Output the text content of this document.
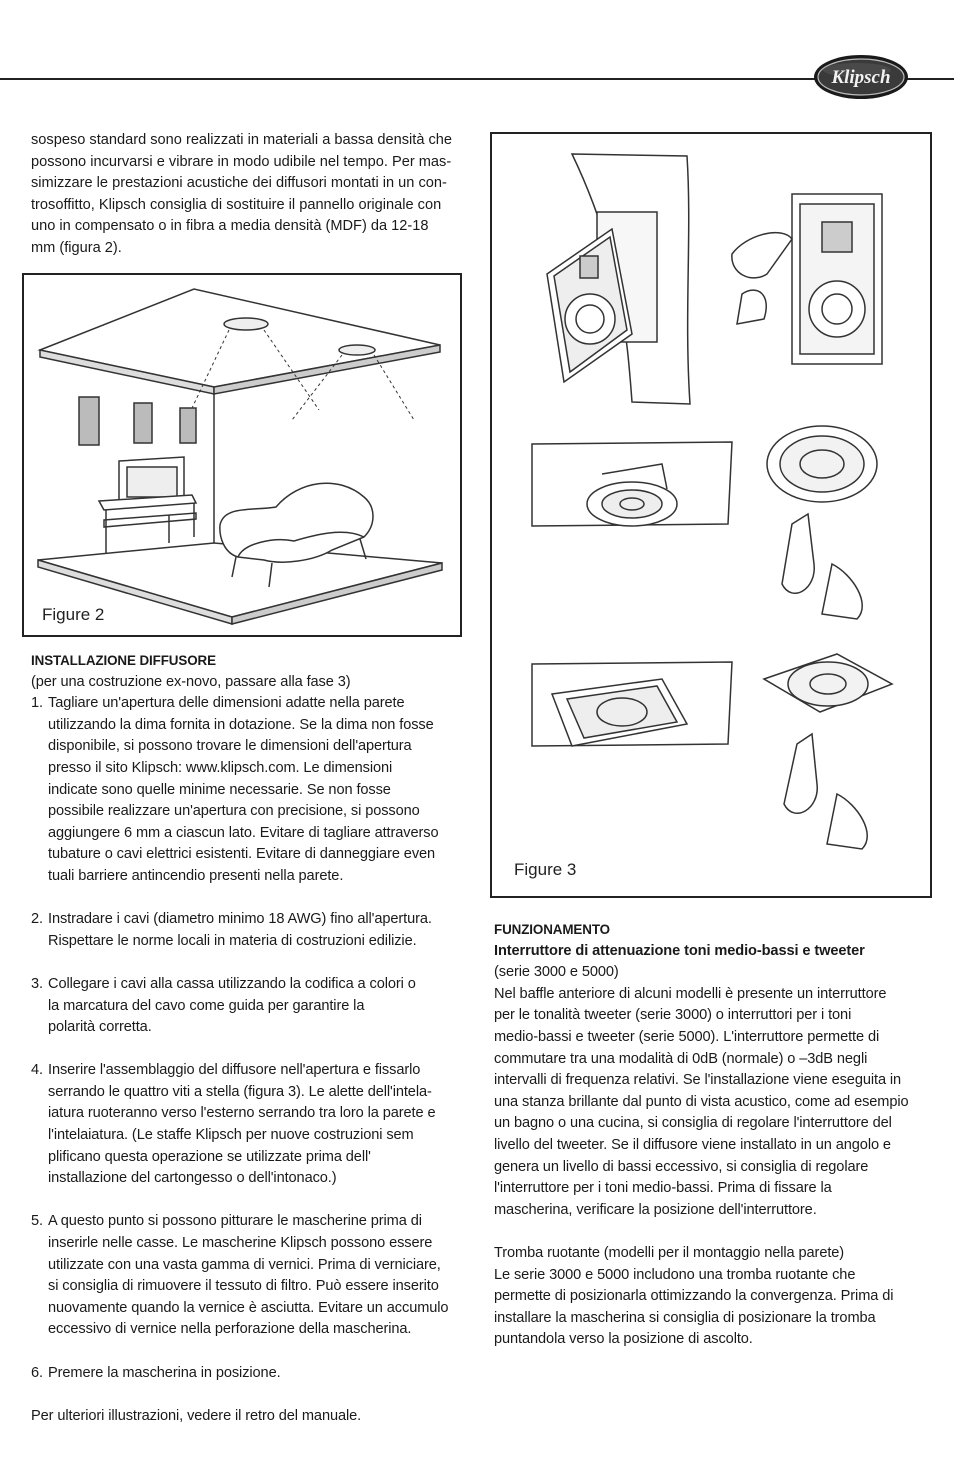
Klipsch

sospeso standard sono realizzati in materiali a bassa densità che

possono incurvarsi e vibrare in modo udibile nel tempo. Per mas-

simizzare le prestazioni acustiche dei diffusori montati in un con-

trosoffitto, Klipsch consiglia di sostituire il pannello originale con

uno in compensato o in fibra a media densità (MDF) da 12-18

mm (figura 2).

Figure 2

INSTALLAZIONE DIFFUSORE

(per una costruzione ex-novo, passare alla fase 3)

1. Tagliare un'apertura delle dimensioni adatte nella parete
utilizzando la dima fornita in dotazione. Se la dima non fosse
disponibile, si possono trovare le dimensioni dell'apertura
presso il sito Klipsch: www.klipsch.com. Le dimensioni
indicate sono quelle minime necessarie. Se non fosse
possibile realizzare un'apertura con precisione, si possono
aggiungere 6 mm a ciascun lato. Evitare di tagliare attraverso
tubature o cavi elettrici esistenti. Evitare di danneggiare even
tuali barriere antincendio presenti nella parete.
2. Instradare i cavi (diametro minimo 18 AWG) fino all'apertura.
Rispettare le norme locali in materia di costruzioni edilizie.
3. Collegare i cavi alla cassa utilizzando la codifica a colori o
la marcatura del cavo come guida per garantire la
polarità corretta.
4. Inserire l'assemblaggio del diffusore nell'apertura e fissarlo
serrando le quattro viti a stella (figura 3). Le alette dell'intela-
iatura ruoteranno verso l'esterno serrando tra loro la parete e
l'intelaiatura. (Le staffe Klipsch per nuove costruzioni sem
plificano questa operazione se utilizzate prima dell'
installazione del cartongesso o dell'intonaco.)
5. A questo punto si possono pitturare le mascherine prima di
inserirle nelle casse. Le mascherine Klipsch possono essere
utilizzate con una vasta gamma di vernici. Prima di verniciare,
si consiglia di rimuovere il tessuto di filtro. Può essere inserito
nuovamente quando la vernice è asciutta. Evitare un accumulo
eccessivo di vernice nella perforazione della mascherina.
6. Premere la mascherina in posizione.

Per ulteriori illustrazioni, vedere il retro del manuale.

Figure 3

FUNZIONAMENTO

Interruttore di attenuazione toni medio-bassi e tweeter

(serie 3000 e 5000)

Nel baffle anteriore di alcuni modelli è presente un interruttore
per le tonalità tweeter (serie 3000) o interruttori per i toni
medio-bassi e tweeter (serie 5000). L'interruttore permette di
commutare tra una modalità di 0dB (normale) o –3dB negli
intervalli di frequenza relativi. Se l'installazione viene eseguita in
una stanza brillante dal punto di vista acustico, come ad esempio
un bagno o una cucina, si consiglia di regolare l'interruttore del
livello del tweeter. Se il diffusore viene installato in un angolo e
genera un livello di bassi eccessivo, si consiglia di regolare
l'interruttore per i toni medio-bassi. Prima di fissare la
mascherina, verificare la posizione dell'interruttore.
Tromba ruotante (modelli per il montaggio nella parete)
Le serie 3000 e 5000 includono una tromba ruotante che
permette di posizionarla ottimizzando la convergenza. Prima di
installare la mascherina si consiglia di posizionare la tromba
puntandola verso la posizione di ascolto.
